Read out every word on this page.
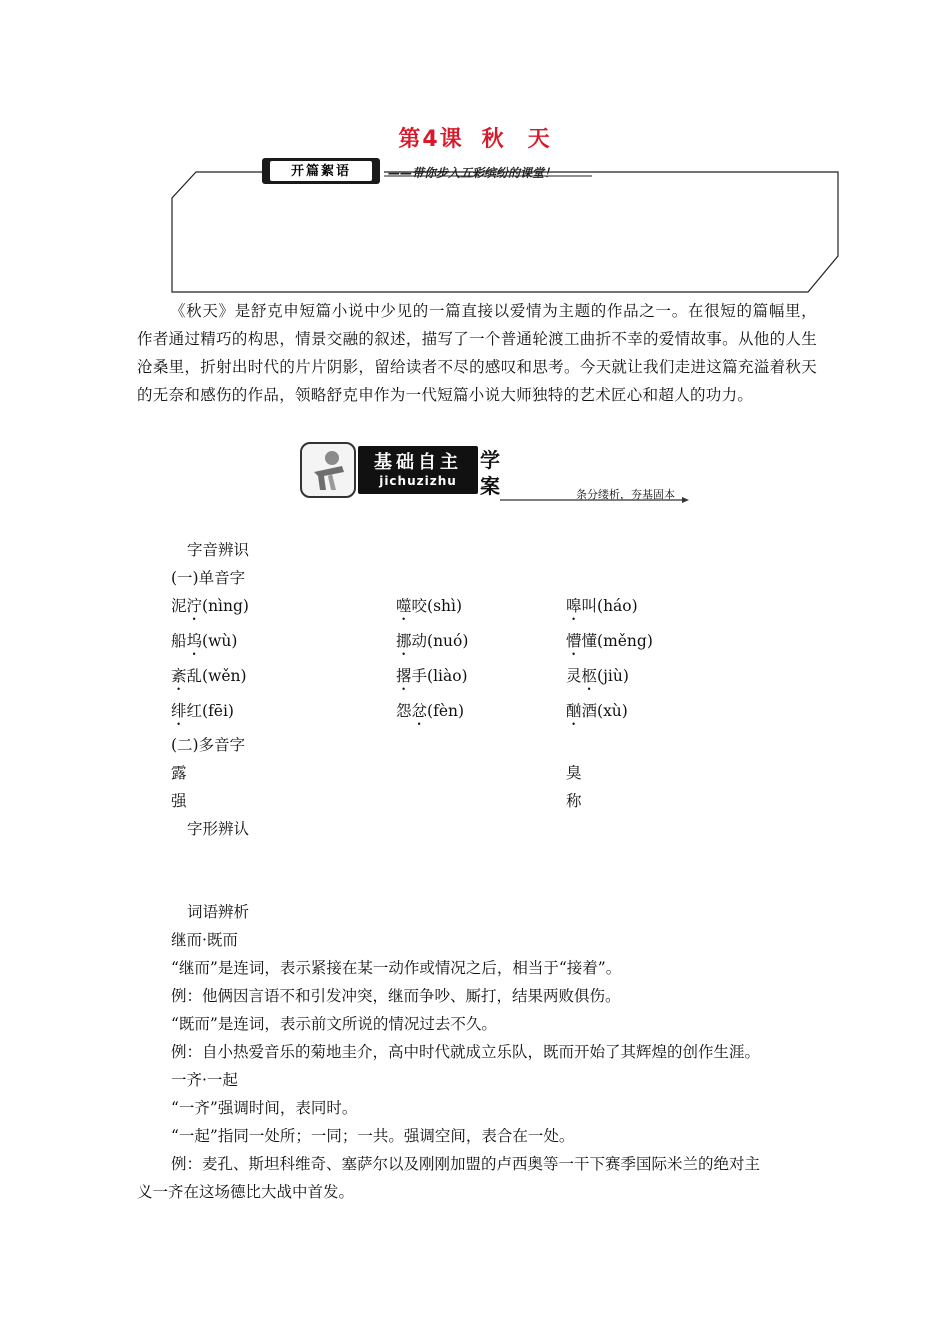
第4课 秋 天
开篇絮语	——带你步入五彩缤纷的课堂！
《秋天》是舒克申短篇小说中少见的一篇直接以爱情为主题的作品之一。在很短的篇幅里，作者通过精巧的构思，情景交融的叙述，描写了一个普通轮渡工曲折不幸的爱情故事。从他的人生沧桑里，折射出时代的片片阴影，留给读者不尽的感叹和思考。今天就让我们走进这篇充溢着秋天的无奈和感伤的作品，领略舒克申作为一代短篇小说大师独特的艺术匠心和超人的功力。
基础自主
jichuzizhu
学
案	条分缕析，夯基固本
字音辨识
(一)单音字
泥泞(nìng)	噬咬(shì)	嗥叫(háo)
船坞(wù)	挪动(nuó)	懵懂(měng)
紊乱(wěn)	撂手(liào)	灵柩(jiù)
绯红(fēi)	怨忿(fèn)	酗酒(xù)
(二)多音字
露	臭
强	称
字形辨认
词语辨析
继而·既而
“继而”是连词，表示紧接在某一动作或情况之后，相当于“接着”。
例：他俩因言语不和引发冲突，继而争吵、厮打，结果两败俱伤。
“既而”是连词，表示前文所说的情况过去不久。
例：自小热爱音乐的菊地圭介，高中时代就成立乐队，既而开始了其辉煌的创作生涯。
一齐·一起
“一齐”强调时间，表同时。
“一起”指同一处所；一同；一共。强调空间，表合在一处。
例：麦孔、斯坦科维奇、塞萨尔以及刚刚加盟的卢西奥等一干下赛季国际米兰的绝对主
义一齐在这场德比大战中首发。
